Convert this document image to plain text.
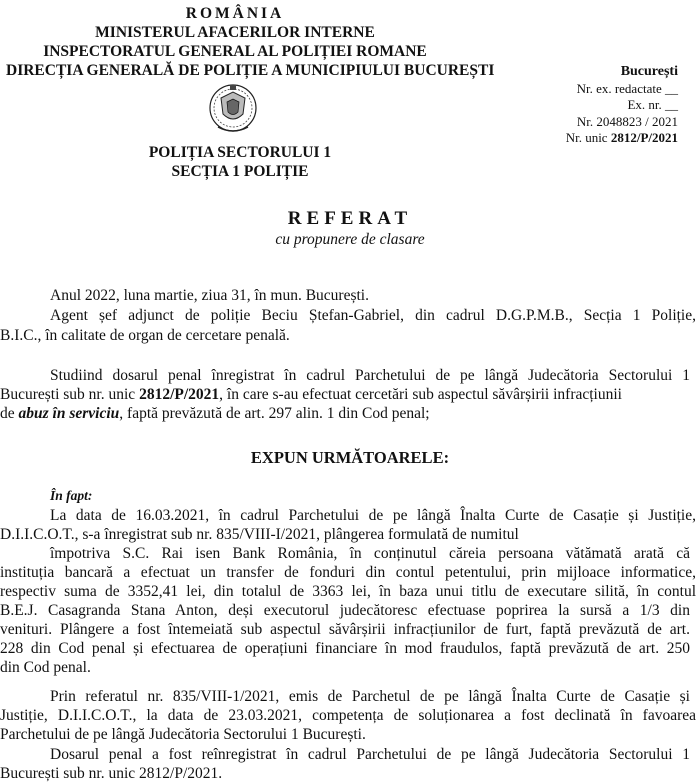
ROMÂNIA
MINISTERUL AFACERILOR INTERNE
INSPECTORATUL GENERAL AL POLIȚIEI ROMANE
DIRECȚIA GENERALĂ DE POLIȚIE A MUNICIPIULUI BUCUREȘTI
POLIȚIA SECTORULUI 1
SECȚIA 1 POLIȚIE
București
Nr. ex. redactate __
Ex. nr. __
Nr. 2048823 / 2021
Nr. unic 2812/P/2021
REFERAT
cu propunere de clasare
Anul 2022, luna martie, ziua 31, în mun. București.
Agent șef adjunct de poliție Beciu Ștefan-Gabriel, din cadrul D.G.P.M.B., Secția 1 Poliție,
B.I.C., în calitate de organ de cercetare penală.
Studiind dosarul penal înregistrat în cadrul Parchetului de pe lângă Judecătoria Sectorului 1
București sub nr. unic 2812/P/2021, în care s-au efectuat cercetări sub aspectul săvârșirii infracțiunii
de abuz în serviciu, faptă prevăzută de art. 297 alin. 1 din Cod penal;
EXPUN URMĂTOARELE:
În fapt:
La data de 16.03.2021, în cadrul Parchetului de pe lângă Înalta Curte de Casație și Justiție,
D.I.I.C.O.T., s-a înregistrat sub nr. 835/VIII-I/2021, plângerea formulată de numitul
împotriva S.C. Rai isen Bank România, în conținutul căreia persoana vătămată arată că
instituția bancară a efectuat un transfer de fonduri din contul petentului, prin mijloace informatice,
respectiv suma de 3352,41 lei, din totalul de 3363 lei, în baza unui titlu de executare silită, în contul
B.E.J. Casagranda Stana Anton, deși executorul judecătoresc efectuase poprirea la sursă a 1/3 din
venituri. Plângere a fost întemeiată sub aspectul săvârșirii infracțiunilor de furt, faptă prevăzută de art.
228 din Cod penal și efectuarea de operațiuni financiare în mod fraudulos, faptă prevăzută de art. 250
din Cod penal.
Prin referatul nr. 835/VIII-1/2021, emis de Parchetul de pe lângă Înalta Curte de Casație și
Justiție, D.I.I.C.O.T., la data de 23.03.2021, competența de soluționarea a fost declinată în favoarea
Parchetului de pe lângă Judecătoria Sectorului 1 București.
Dosarul penal a fost reînregistrat în cadrul Parchetului de pe lângă Judecătoria Sectorului 1
București sub nr. unic 2812/P/2021.
